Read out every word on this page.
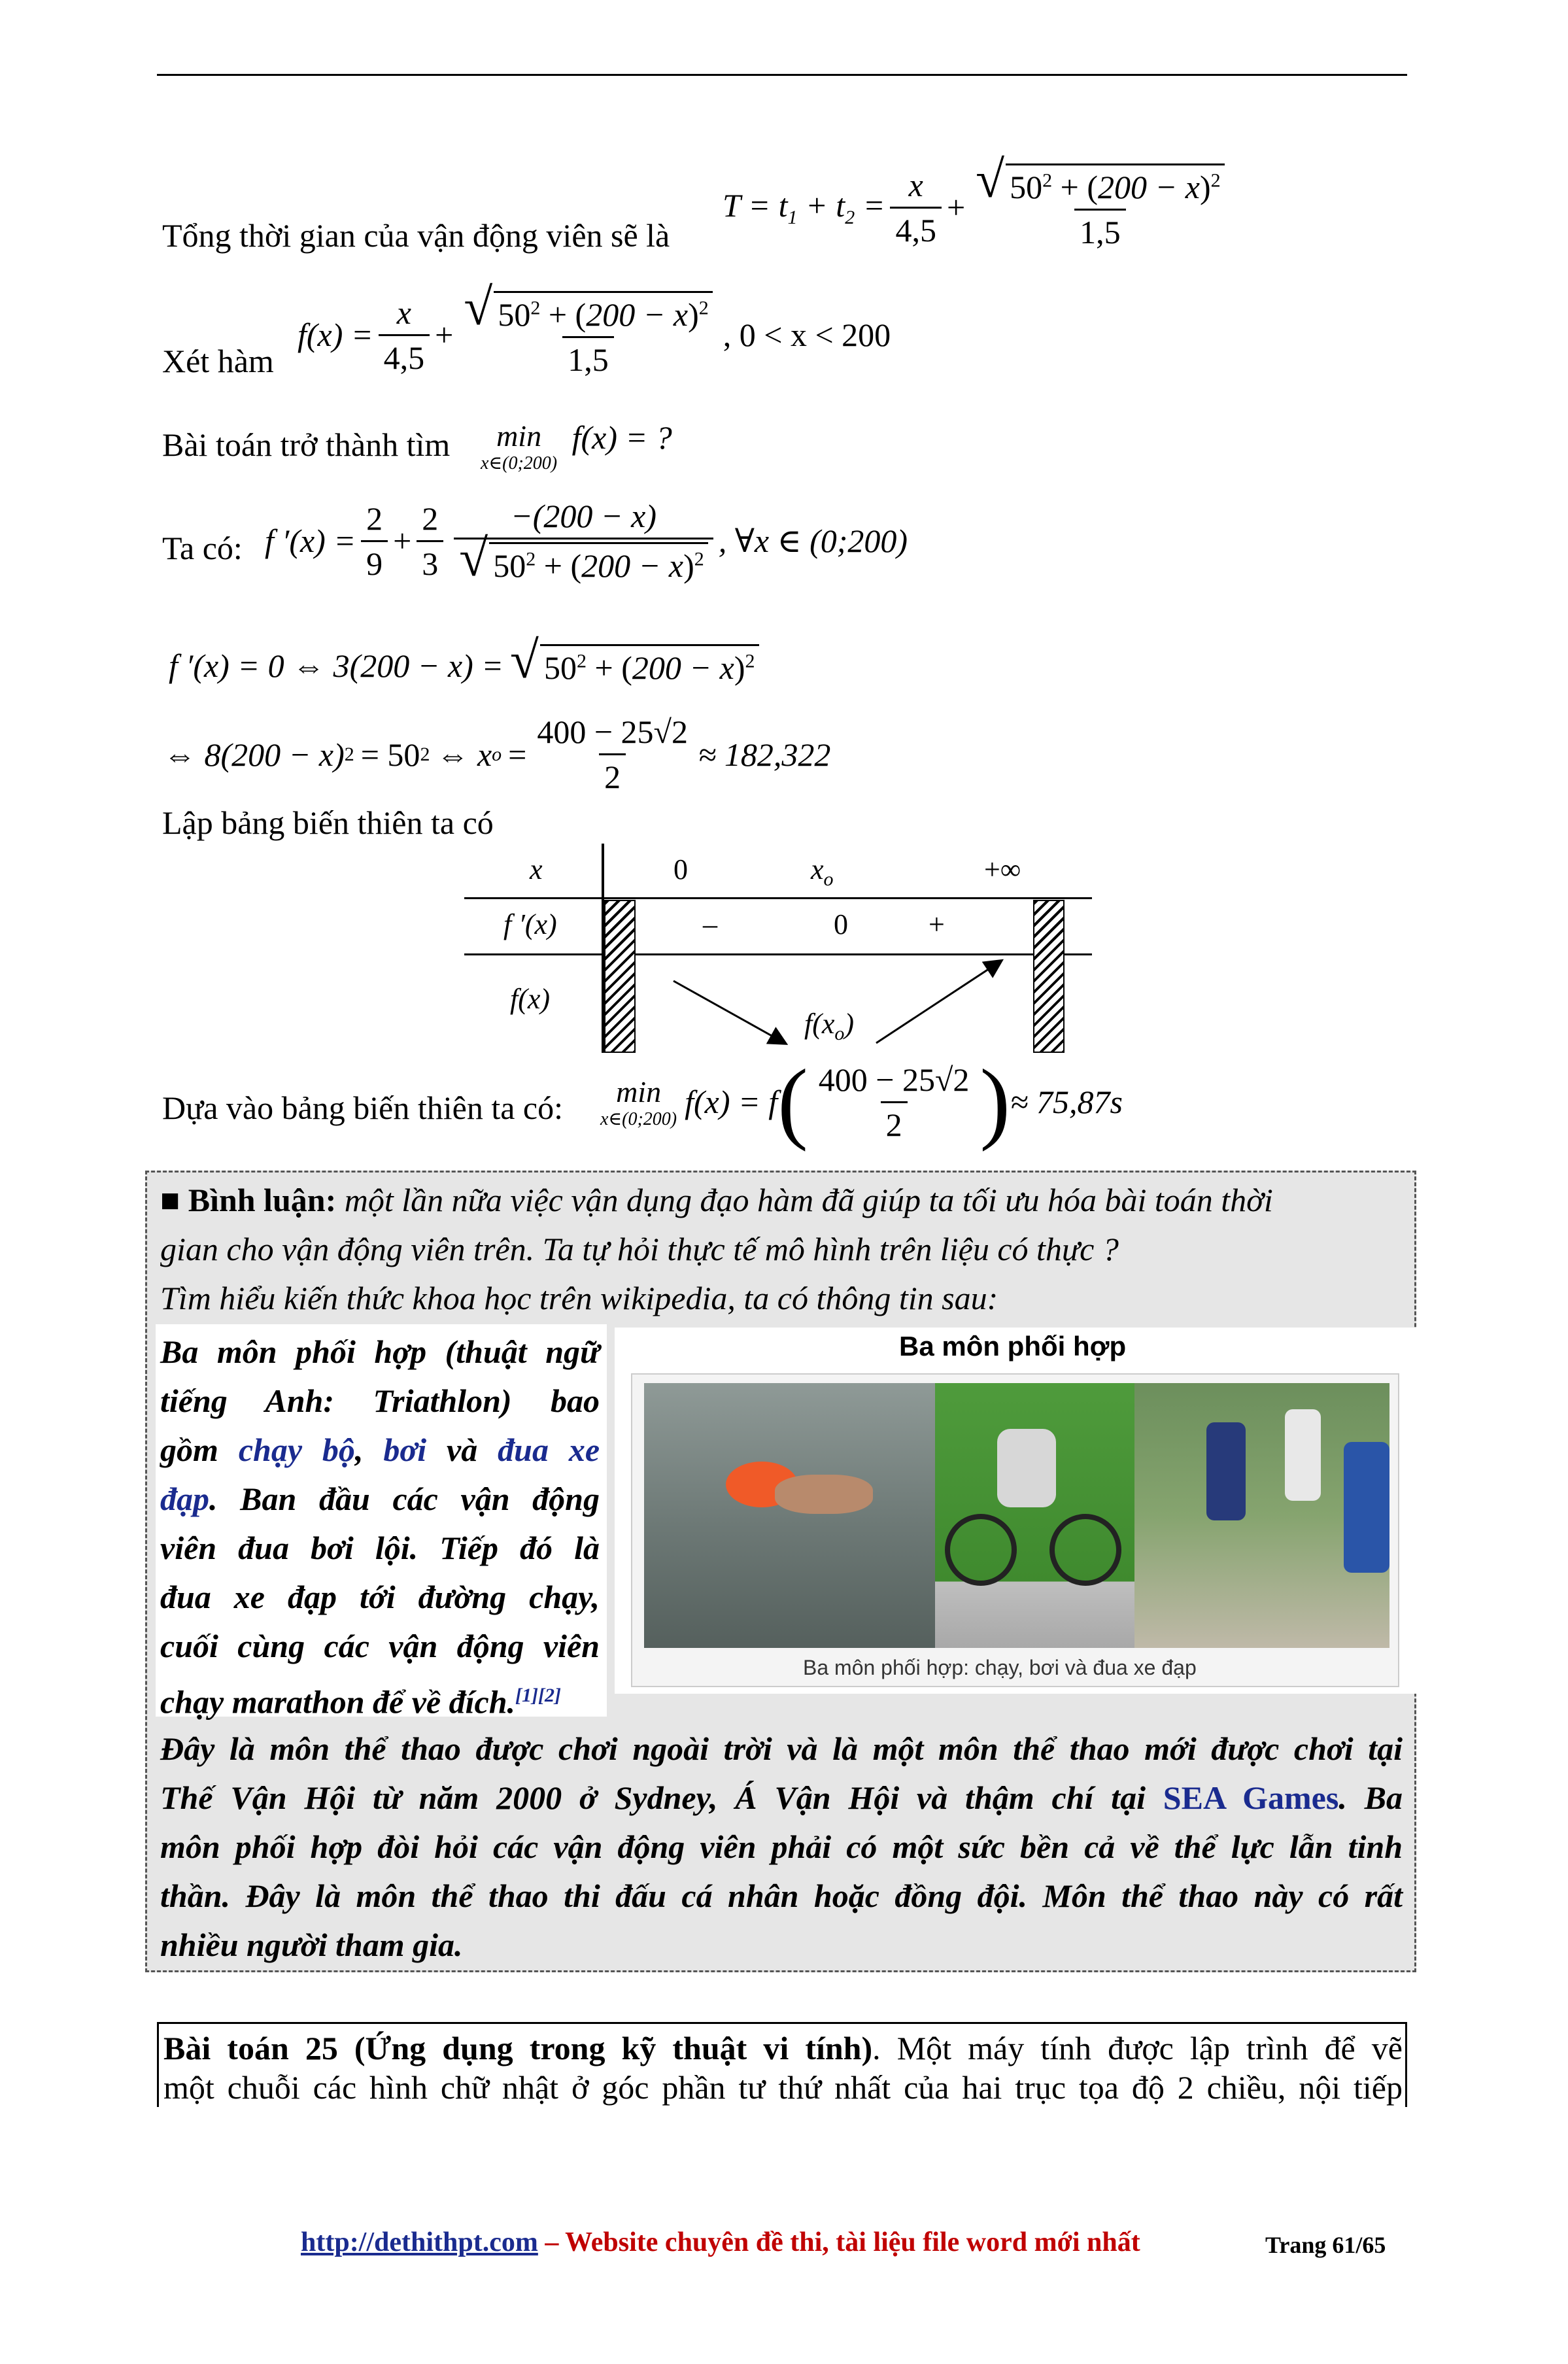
Tổng thời gian của vận động viên sẽ là
$T = t_1 + t_2 = \frac{x}{4,5} + \frac{√ 50^2 + (200 - x)^2}{1,5}$
Xét hàm
$f(x) = \frac{x}{4,5} + \frac{√ 50^2 + (200 - x)^2}{1,5}$ , 0 < x < 200
Bài toán trở thành tìm min
x∈(0;200)
f(x) = ?
Ta có: f $'(x) = \frac{2}{9} + \frac{2}{3} \frac{-(200 - x)}{√ 50^2 + (200 - x)^2}$ , ∀x ∈ (0;200)
f ′(x) = 0 ⇔ 3(200 − x) = √ $50^2 + (200 - x)^2$
⇔ 8(200 − x) 2 = 50 2 ⇔ x $o = \frac{400 - 25√2}{2} \approx 182,322$
Lập bảng biến thiên ta có
x	0	$x_o$	+∞
f ′(x)	–	0	+
f(x)
$f(x_o)$
Dựa vào bảng biến thiên ta có: min
x∈(0;200) f(x) = f ( $\frac{400 - 25√2}{2}$ ) ≈ 75,87s
■ Bình luận: một lần nữa việc vận dụng đạo hàm đã giúp ta tối ưu hóa bài toán thời
gian cho vận động viên trên. Ta tự hỏi thực tế mô hình trên liệu có thực ?
Tìm hiểu kiến thức khoa học trên wikipedia, ta có thông tin sau:
Ba môn phối hợp (thuật ngữ
tiếng Anh: Triathlon) bao
gồm chạy bộ, bơi và đua xe
đạp. Ban đầu các vận động
viên đua bơi lội. Tiếp đó là
đua xe đạp tới đường chạy,
cuối cùng các vận động viên
chạy marathon để về đích.[1][2]
Ba môn phối hợp
Ba môn phối hợp: chạy, bơi và đua xe đạp
Đây là môn thể thao được chơi ngoài trời và là một môn thể thao mới được chơi tại
Thế Vận Hội từ năm 2000 ở Sydney, Á Vận Hội và thậm chí tại SEA Games. Ba
môn phối hợp đòi hỏi các vận động viên phải có một sức bền cả về thể lực lẫn tinh
thần. Đây là môn thể thao thi đấu cá nhân hoặc đồng đội. Môn thể thao này có rất
nhiều người tham gia.
Bài toán 25 (Ứng dụng trong kỹ thuật vi tính). Một máy tính được lập trình để vẽ
một chuỗi các hình chữ nhật ở góc phần tư thứ nhất của hai trục tọa độ 2 chiều, nội tiếp
http://dethithpt.com – Website chuyên đề thi, tài liệu file word mới nhất	Trang 61/65
